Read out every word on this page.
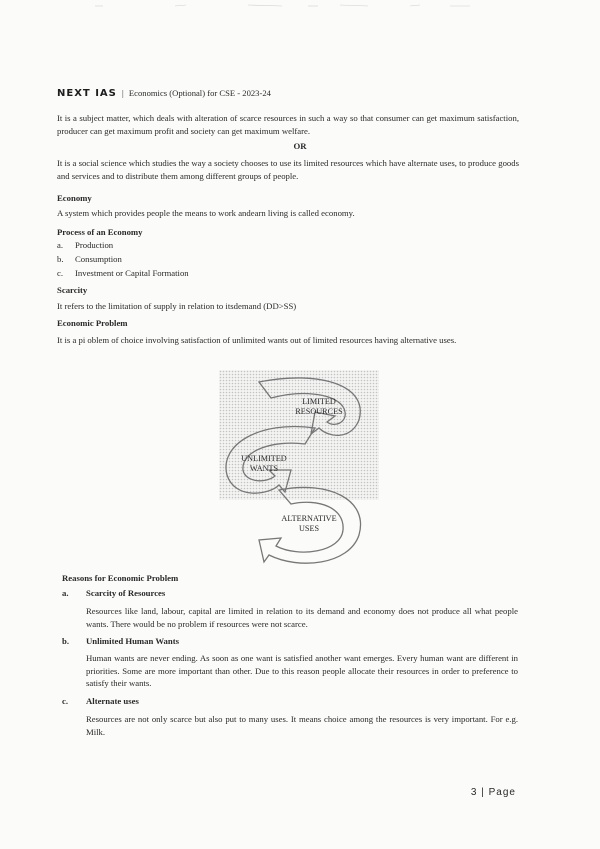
NEXT IAS | Economics (Optional) for CSE - 2023-24

It is a subject matter, which deals with alteration of scarce resources in such a way so that consumer can get maximum satisfaction, producer can get maximum profit and society can get maximum welfare.

OR

It is a social science which studies the way a society chooses to use its limited resources which have alternate uses, to produce goods and services and to distribute them among different groups of people.

Economy

A system which provides people the means to work andearn living is called economy.

Process of an Economy
a. Production
b. Consumption
c. Investment or Capital Formation
Scarcity

It refers to the limitation of supply in relation to itsdemand (DD>SS)

Economic Problem

It is a pi oblem of choice involving satisfaction of unlimited wants out of limited resources having alternative uses.

LIMITED
RESOURCES
UNLIMITED
WANTS
ALTERNATIVE
USES
Reasons for Economic Problem
a. Scarcity of Resources

Resources like land, labour, capital are limited in relation to its demand and economy does not produce all what people wants. There would be no problem if resources were not scarce.

b. Unlimited Human Wants

Human wants are never ending. As soon as one want is satisfied another want emerges. Every human want are different in priorities. Some are more important than other. Due to this reason people allocate their resources in order to preference to satisfy their wants.

c. Alternate uses

Resources are not only scarce but also put to many uses. It means choice among the resources is very important. For e.g. Milk.

3 | Page
